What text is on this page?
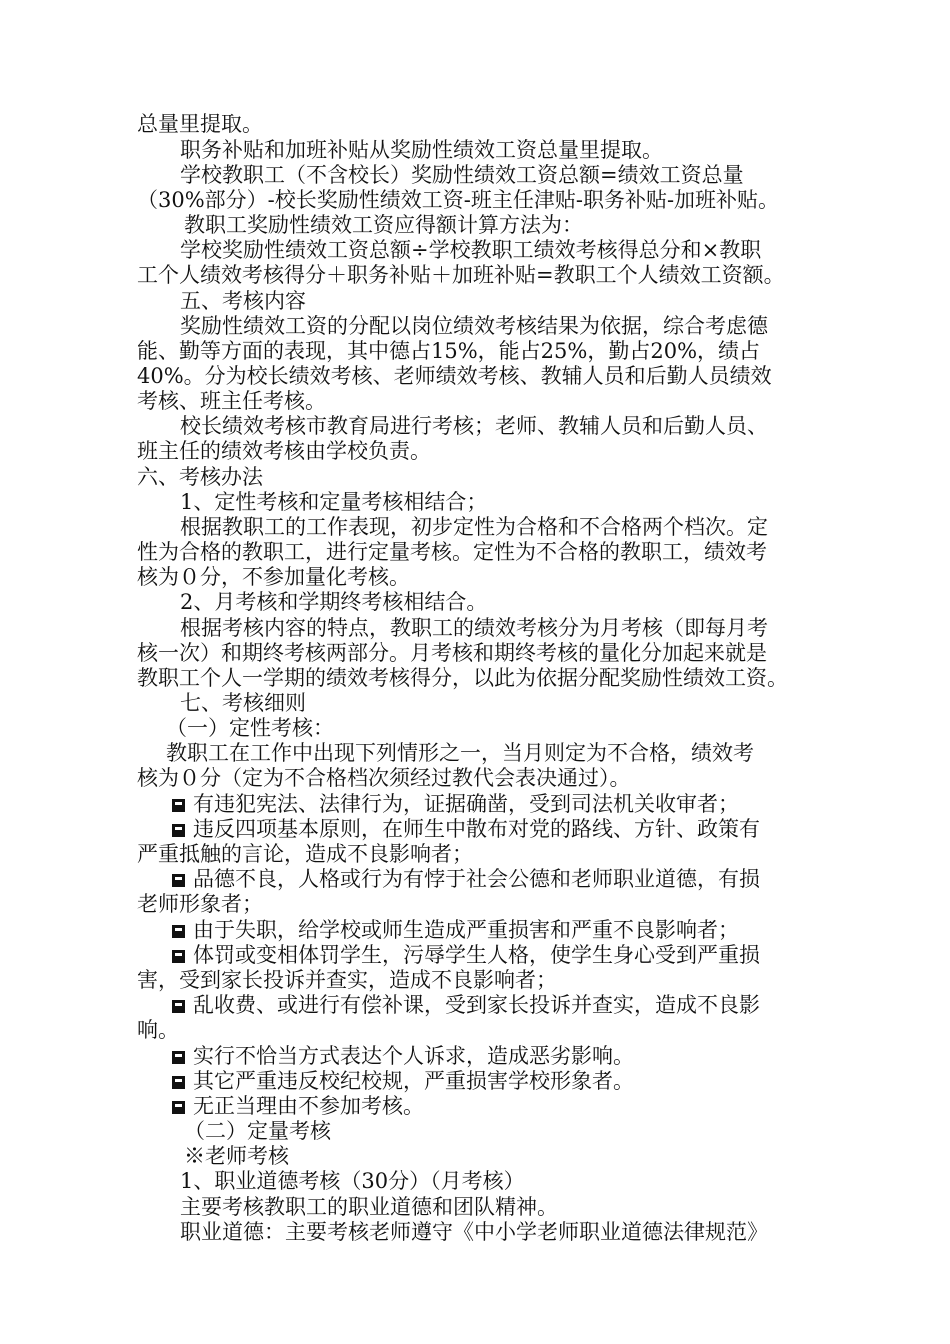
总量里提取。
职务补贴和加班补贴从奖励性绩效工资总量里提取。
学校教职工（不含校长）奖励性绩效工资总额=绩效工资总量
（30%部分）-校长奖励性绩效工资-班主任津贴-职务补贴-加班补贴。
教职工奖励性绩效工资应得额计算方法为：
学校奖励性绩效工资总额÷学校教职工绩效考核得总分和×教职
工个人绩效考核得分＋职务补贴＋加班补贴=教职工个人绩效工资额。
五、考核内容
奖励性绩效工资的分配以岗位绩效考核结果为依据，综合考虑德
能、勤等方面的表现，其中德占15%，能占25%，勤占20%，绩占
40%。分为校长绩效考核、老师绩效考核、教辅人员和后勤人员绩效
考核、班主任考核。
校长绩效考核市教育局进行考核；老师、教辅人员和后勤人员、
班主任的绩效考核由学校负责。
六、考核办法
1、定性考核和定量考核相结合；
根据教职工的工作表现，初步定性为合格和不合格两个档次。定
性为合格的教职工，进行定量考核。定性为不合格的教职工，绩效考
核为０分，不参加量化考核。
2、月考核和学期终考核相结合。
根据考核内容的特点，教职工的绩效考核分为月考核（即每月考
核一次）和期终考核两部分。月考核和期终考核的量化分加起来就是
教职工个人一学期的绩效考核得分，以此为依据分配奖励性绩效工资。
七、考核细则
（一）定性考核：
教职工在工作中出现下列情形之一，当月则定为不合格，绩效考
核为０分（定为不合格档次须经过教代会表决通过）。
有违犯宪法、法律行为，证据确凿，受到司法机关收审者；
违反四项基本原则，在师生中散布对党的路线、方针、政策有
严重抵触的言论，造成不良影响者；
品德不良，人格或行为有悖于社会公德和老师职业道德，有损
老师形象者；
由于失职，给学校或师生造成严重损害和严重不良影响者；
体罚或变相体罚学生，污辱学生人格，使学生身心受到严重损
害，受到家长投诉并查实，造成不良影响者；
乱收费、或进行有偿补课，受到家长投诉并查实，造成不良影
响。
实行不恰当方式表达个人诉求，造成恶劣影响。
其它严重违反校纪校规，严重损害学校形象者。
无正当理由不参加考核。
（二）定量考核
※老师考核
1、职业道德考核（30分）（月考核）
主要考核教职工的职业道德和团队精神。
职业道德：主要考核老师遵守《中小学老师职业道德法律规范》
